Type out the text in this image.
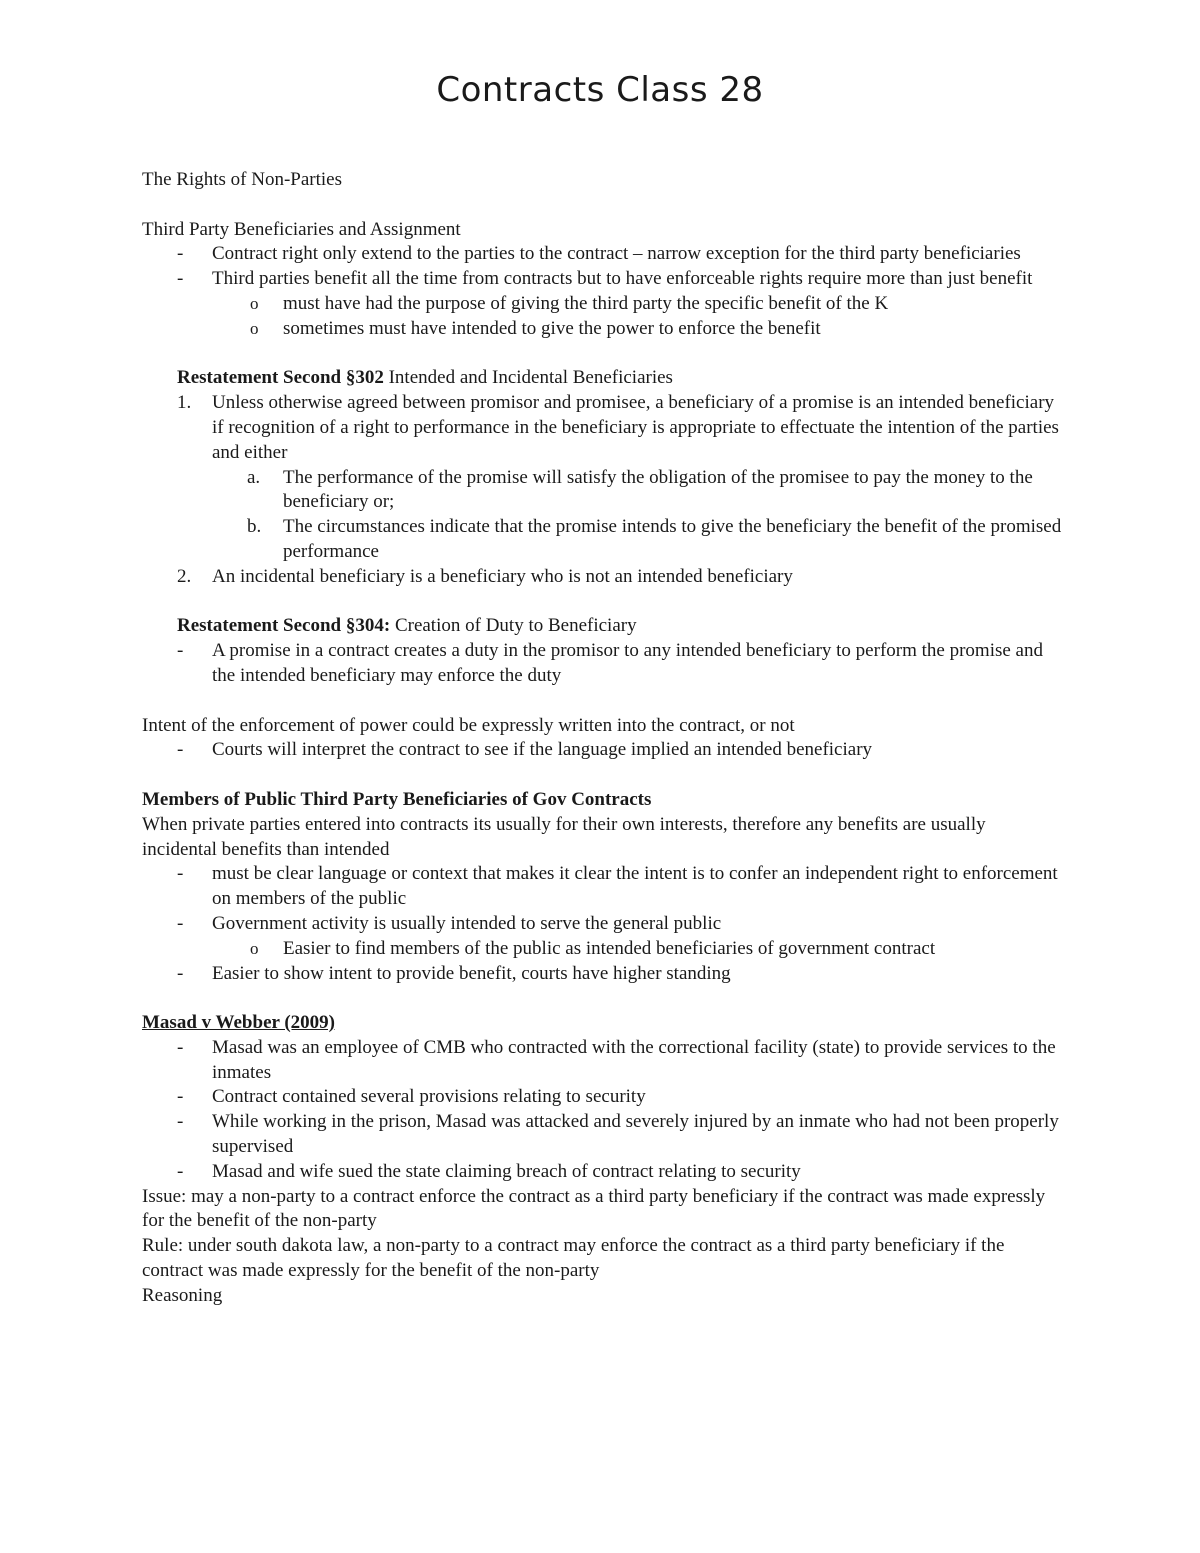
Contracts Class 28

The Rights of Non-Parties

Third Party Beneficiaries and Assignment

-	Contract right only extend to the parties to the contract – narrow exception for the third party beneficiaries
-	Third parties benefit all the time from contracts but to have enforceable rights require more than just benefit
o must have had the purpose of giving the third party the specific benefit of the K
o sometimes must have intended to give the power to enforce the benefit

Restatement Second §302 Intended and Incidental Beneficiaries

1.	Unless otherwise agreed between promisor and promisee, a beneficiary of a promise is an intended beneficiary if recognition of a right to performance in the beneficiary is appropriate to effectuate the intention of the parties and either
a. The performance of the promise will satisfy the obligation of the promisee to pay the money to the beneficiary or;
b. The circumstances indicate that the promise intends to give the beneficiary the benefit of the promised performance
2.	An incidental beneficiary is a beneficiary who is not an intended beneficiary

Restatement Second §304: Creation of Duty to Beneficiary

-	A promise in a contract creates a duty in the promisor to any intended beneficiary to perform the promise and the intended beneficiary may enforce the duty

Intent of the enforcement of power could be expressly written into the contract, or not

-	Courts will interpret the contract to see if the language implied an intended beneficiary

Members of Public Third Party Beneficiaries of Gov Contracts

When private parties entered into contracts its usually for their own interests, therefore any benefits are usually incidental benefits than intended

-	must be clear language or context that makes it clear the intent is to confer an independent right to enforcement on members of the public
-	Government activity is usually intended to serve the general public
o Easier to find members of the public as intended beneficiaries of government contract
-	Easier to show intent to provide benefit, courts have higher standing

Masad v Webber (2009)

-	Masad was an employee of CMB who contracted with the correctional facility (state) to provide services to the inmates
-	Contract contained several provisions relating to security
-	While working in the prison, Masad was attacked and severely injured by an inmate who had not been properly supervised
-	Masad and wife sued the state claiming breach of contract relating to security

Issue: may a non-party to a contract enforce the contract as a third party beneficiary if the contract was made expressly for the benefit of the non-party

Rule: under south dakota law, a non-party to a contract may enforce the contract as a third party beneficiary if the contract was made expressly for the benefit of the non-party

Reasoning
